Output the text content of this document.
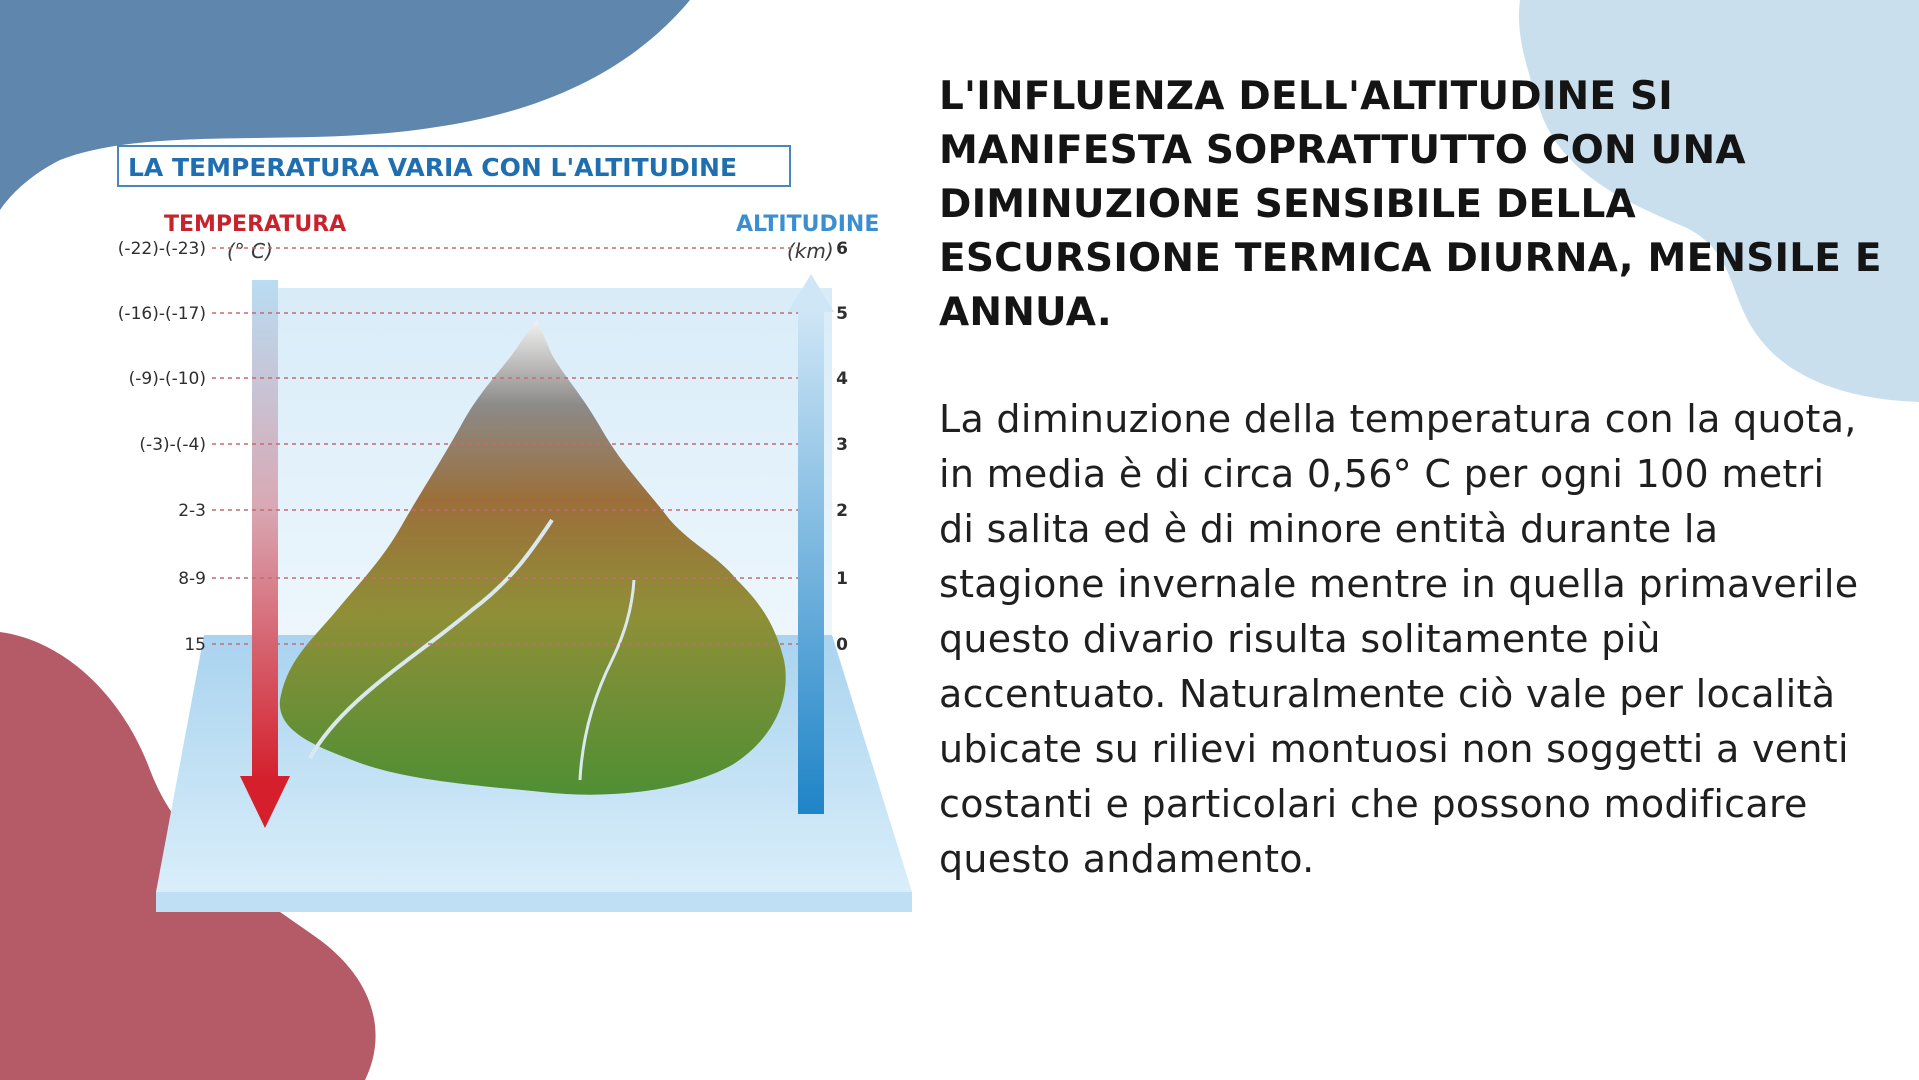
LA TEMPERATURA VARIA CON L'ALTITUDINE
TEMPERATURA
(° C)
ALTITUDINE
(km)
(-22)-(-23)	6
(-16)-(-17)	5
(-9)-(-10)	4
(-3)-(-4)	3
2-3	2
8-9	1
15	0
L'INFLUENZA DELL'ALTITUDINE SI MANIFESTA SOPRATTUTTO CON UNA DIMINUZIONE SENSIBILE DELLA ESCURSIONE TERMICA DIURNA, MENSILE E ANNUA.

La diminuzione della temperatura con la quota, in media è di circa 0,56° C per ogni 100 metri di salita ed è di minore entità durante la stagione invernale mentre in quella primaverile questo divario risulta solitamente più accentuato. Naturalmente ciò vale per località ubicate su rilievi montuosi non soggetti a venti costanti e particolari che possono modificare questo andamento.
